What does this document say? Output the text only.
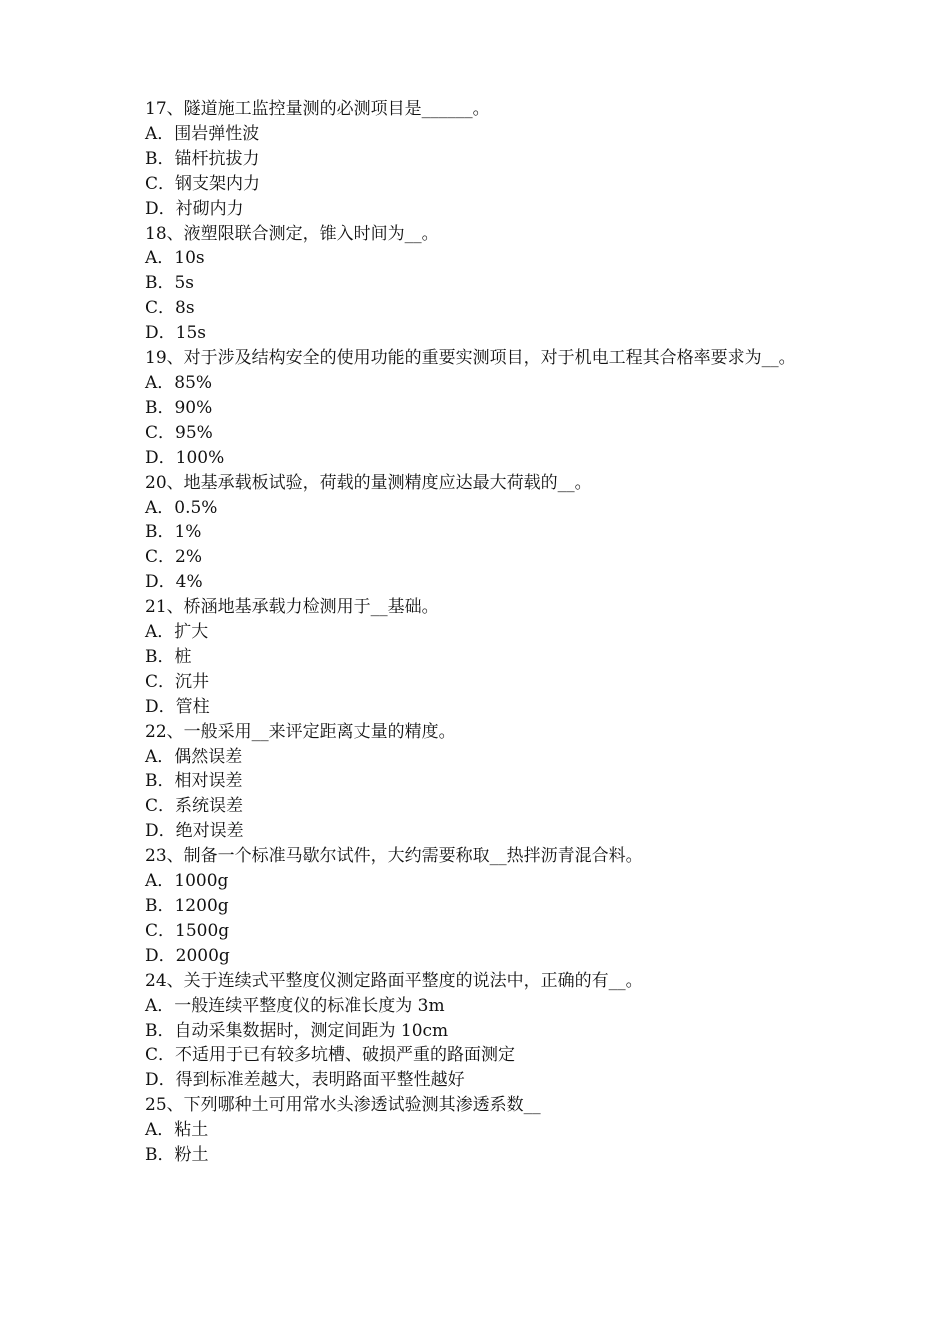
17、隧道施工监控量测的必测项目是______。

A．围岩弹性波

B．锚杆抗拔力

C．钢支架内力

D．衬砌内力

18、液塑限联合测定，锥入时间为__。

A．10s

B．5s

C．8s

D．15s

19、对于涉及结构安全的使用功能的重要实测项目，对于机电工程其合格率要求为__。

A．85%

B．90%

C．95%

D．100%

20、地基承载板试验，荷载的量测精度应达最大荷载的__。

A．0.5%

B．1%

C．2%

D．4%

21、桥涵地基承载力检测用于__基础。

A．扩大

B．桩

C．沉井

D．管柱

22、一般采用__来评定距离丈量的精度。

A．偶然误差

B．相对误差

C．系统误差

D．绝对误差

23、制备一个标准马歇尔试件，大约需要称取__热拌沥青混合料。

A．1000g

B．1200g

C．1500g

D．2000g

24、关于连续式平整度仪测定路面平整度的说法中，正确的有__。

A．一般连续平整度仪的标准长度为 3m

B．自动采集数据时，测定间距为 10cm

C．不适用于已有较多坑槽、破损严重的路面测定

D．得到标准差越大，表明路面平整性越好

25、下列哪种土可用常水头渗透试验测其渗透系数__

A．粘土

B．粉土
